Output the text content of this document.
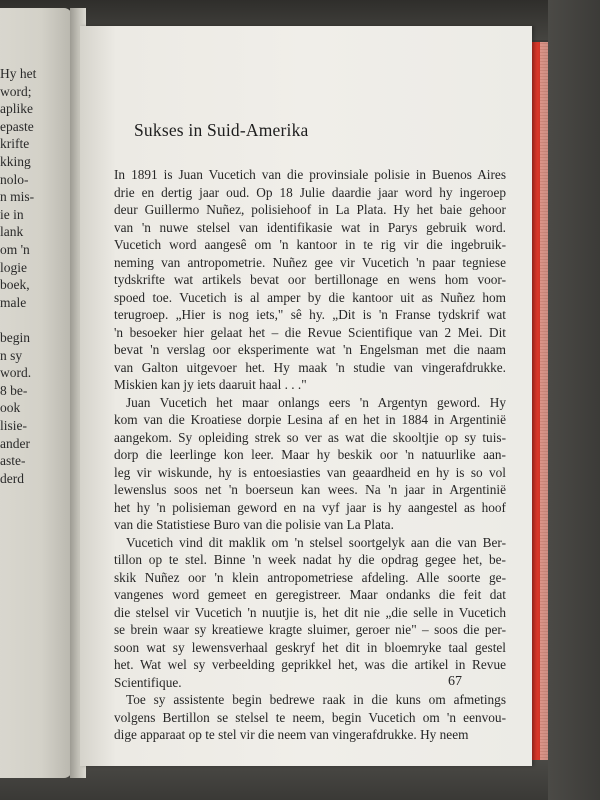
Hy het
word;
aplike
epaste
krifte
kking
nolo-
n mis-
ie in
lank
om 'n
logie
boek,
male
begin
n sy
word.
8 be-
ook
lisie-
ander
aste-
derd
Sukses in Suid-Amerika
In 1891 is Juan Vucetich van die provinsiale polisie in Buenos Aires
drie en dertig jaar oud. Op 18 Julie daardie jaar word hy ingeroep
deur Guillermo Nuñez, polisiehoof in La Plata. Hy het baie gehoor
van 'n nuwe stelsel van identifikasie wat in Parys gebruik word.
Vucetich word aangesê om 'n kantoor in te rig vir die ingebruik-
neming van antropometrie. Nuñez gee vir Vucetich 'n paar tegniese
tydskrifte wat artikels bevat oor bertillonage en wens hom voor-
spoed toe. Vucetich is al amper by die kantoor uit as Nuñez hom
terugroep. „Hier is nog iets," sê hy. „Dit is 'n Franse tydskrif wat
'n besoeker hier gelaat het – die Revue Scientifique van 2 Mei. Dit
bevat 'n verslag oor eksperimente wat 'n Engelsman met die naam
van Galton uitgevoer het. Hy maak 'n studie van vingerafdrukke.
Miskien kan jy iets daaruit haal . . ."
Juan Vucetich het maar onlangs eers 'n Argentyn geword. Hy
kom van die Kroatiese dorpie Lesina af en het in 1884 in Argentinië
aangekom. Sy opleiding strek so ver as wat die skooltjie op sy tuis-
dorp die leerlinge kon leer. Maar hy beskik oor 'n natuurlike aan-
leg vir wiskunde, hy is entoesiasties van geaardheid en hy is so vol
lewenslus soos net 'n boerseun kan wees. Na 'n jaar in Argentinië
het hy 'n polisieman geword en na vyf jaar is hy aangestel as hoof
van die Statistiese Buro van die polisie van La Plata.
Vucetich vind dit maklik om 'n stelsel soortgelyk aan die van Ber-
tillon op te stel. Binne 'n week nadat hy die opdrag gegee het, be-
skik Nuñez oor 'n klein antropometriese afdeling. Alle soorte ge-
vangenes word gemeet en geregistreer. Maar ondanks die feit dat
die stelsel vir Vucetich 'n nuutjie is, het dit nie „die selle in Vucetich
se brein waar sy kreatiewe kragte sluimer, geroer nie" – soos die per-
soon wat sy lewensverhaal geskryf het dit in bloemryke taal gestel
het. Wat wel sy verbeelding geprikkel het, was die artikel in Revue
Scientifique.
Toe sy assistente begin bedrewe raak in die kuns om afmetings
volgens Bertillon se stelsel te neem, begin Vucetich om 'n eenvou-
dige apparaat op te stel vir die neem van vingerafdrukke. Hy neem
67
